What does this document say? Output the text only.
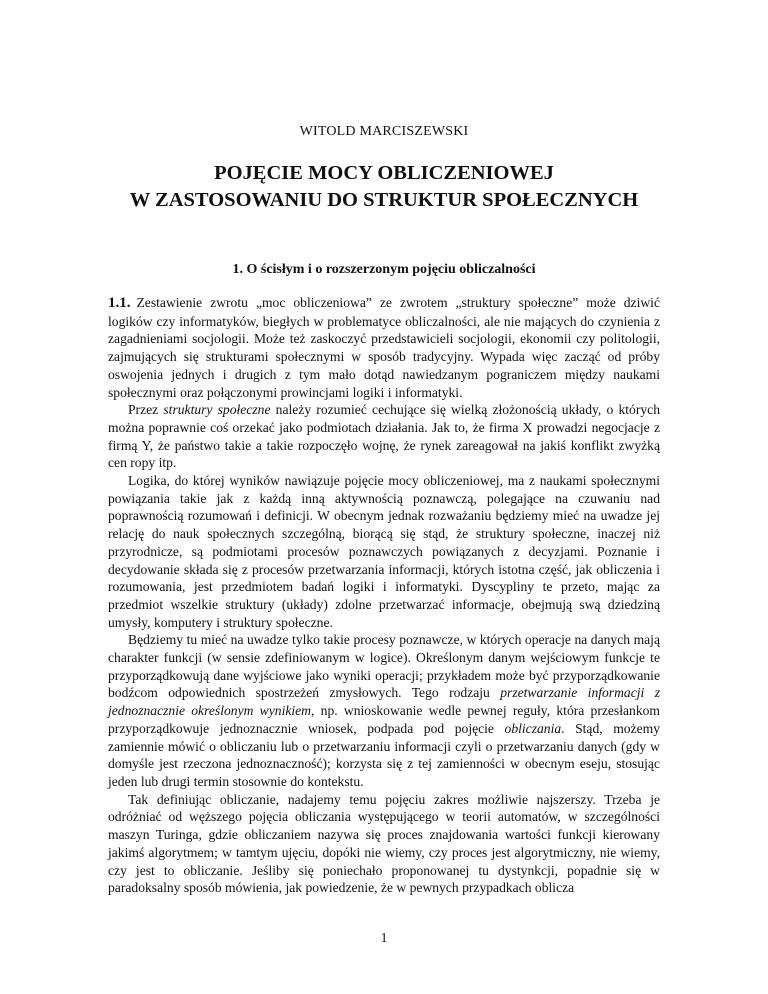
WITOLD MARCISZEWSKI
POJĘCIE MOCY OBLICZENIOWEJ
W ZASTOSOWANIU DO STRUKTUR SPOŁECZNYCH
1. O ścisłym i o rozszerzonym pojęciu obliczalności

1.1. Zestawienie zwrotu „moc obliczeniowa” ze zwrotem „struktury społeczne” może dziwić logików czy informatyków, biegłych w problematyce obliczalności, ale nie mających do czynienia z zagadnieniami socjologii. Może też zaskoczyć przedstawicieli socjologii, ekonomii czy politologii, zajmujących się strukturami społecznymi w sposób tradycyjny. Wypada więc zacząć od próby oswojenia jednych i drugich z tym mało dotąd nawiedzanym pograniczem między naukami społecznymi oraz połączonymi prowincjami logiki i informatyki.

Przez struktury społeczne należy rozumieć cechujące się wielką złożonością układy, o których można poprawnie coś orzekać jako podmiotach działania. Jak to, że firma X prowadzi negocjacje z firmą Y, że państwo takie a takie rozpoczęło wojnę, że rynek zareagował na jakiś konflikt zwyżką cen ropy itp.

Logika, do której wyników nawiązuje pojęcie mocy obliczeniowej, ma z naukami społecznymi powiązania takie jak z każdą inną aktywnością poznawczą, polegające na czuwaniu nad poprawnością rozumowań i definicji. W obecnym jednak rozważaniu będziemy mieć na uwadze jej relację do nauk społecznych szczególną, biorącą się stąd, że struktury społeczne, inaczej niż przyrodnicze, są podmiotami procesów poznawczych powiązanych z decyzjami. Poznanie i decydowanie składa się z procesów przetwarzania informacji, których istotna część, jak obliczenia i rozumowania, jest przedmiotem badań logiki i informatyki. Dyscypliny te przeto, mając za przedmiot wszelkie struktury (układy) zdolne przetwarzać informacje, obejmują swą dziedziną umysły, komputery i struktury społeczne.

Będziemy tu mieć na uwadze tylko takie procesy poznawcze, w których operacje na danych mają charakter funkcji (w sensie zdefiniowanym w logice). Określonym danym wejściowym funkcje te przyporządkowują dane wyjściowe jako wyniki operacji; przykładem może być przyporządkowanie bodźcom odpowiednich spostrzeżeń zmysłowych. Tego rodzaju przetwarzanie informacji z jednoznacznie określonym wynikiem, np. wnioskowanie wedle pewnej reguły, która przesłankom przyporządkowuje jednoznacznie wniosek, podpada pod pojęcie obliczania. Stąd, możemy zamiennie mówić o obliczaniu lub o przetwarzaniu informacji czyli o przetwarzaniu danych (gdy w domyśle jest rzeczona jednoznaczność); korzysta się z tej zamienności w obecnym eseju, stosując jeden lub drugi termin stosownie do kontekstu.

Tak definiując obliczanie, nadajemy temu pojęciu zakres możliwie najszerszy. Trzeba je odróżniać od węższego pojęcia obliczania występującego w teorii automatów, w szczególności maszyn Turinga, gdzie obliczaniem nazywa się proces znajdowania wartości funkcji kierowany jakimś algorytmem; w tamtym ujęciu, dopóki nie wiemy, czy proces jest algorytmiczny, nie wiemy, czy jest to obliczanie. Jeśliby się poniechało proponowanej tu dystynkcji, popadnie się w paradoksalny sposób mówienia, jak powiedzenie, że w pewnych przypadkach oblicza

1
